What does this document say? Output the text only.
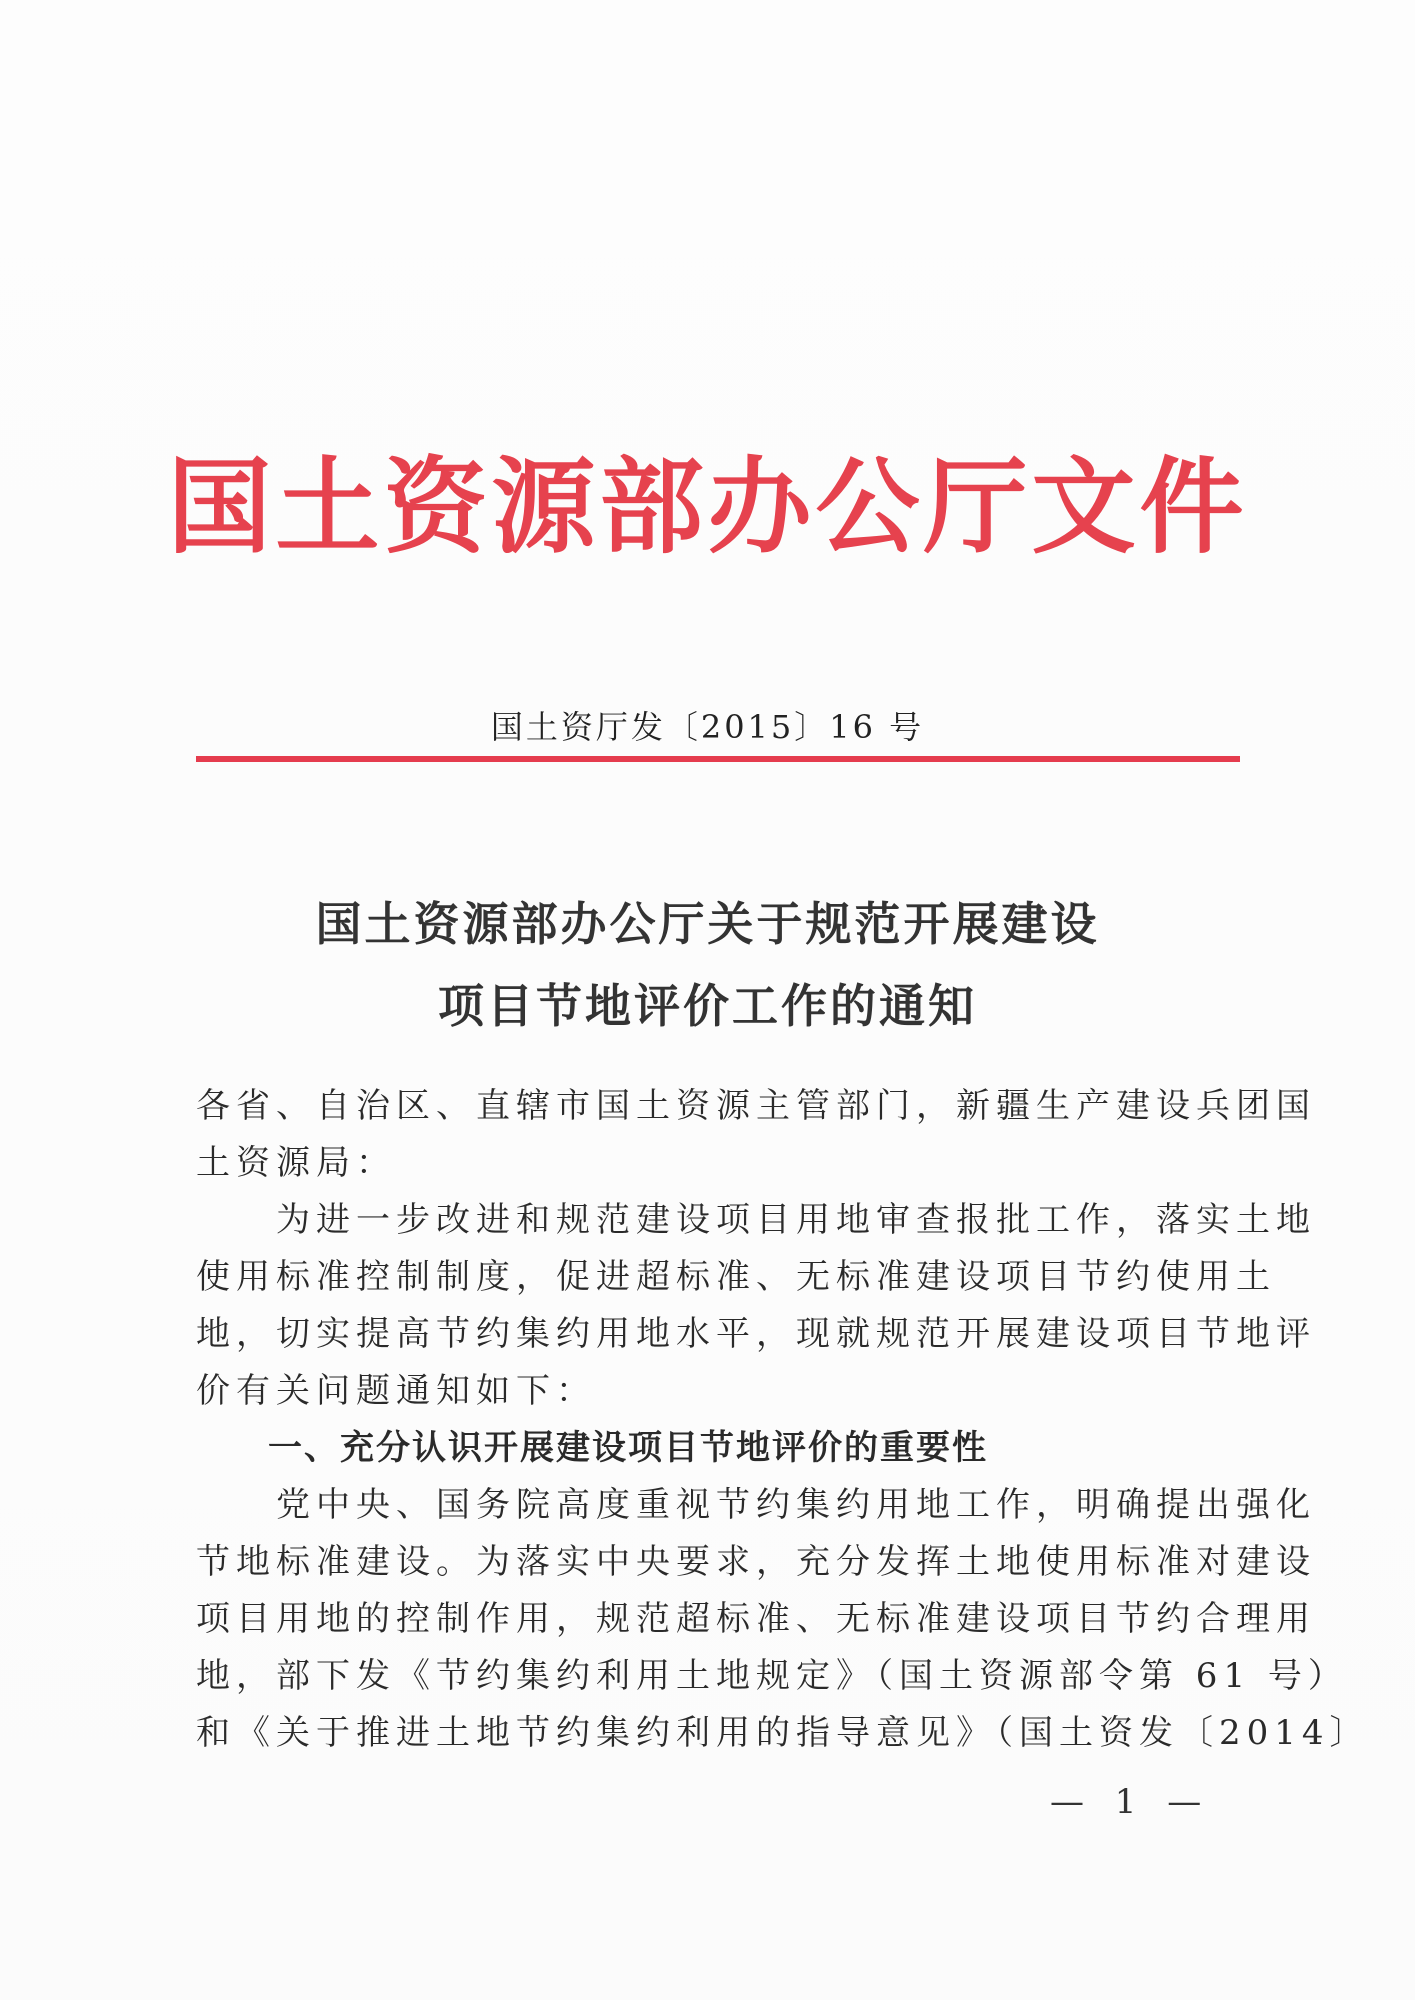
国土资源部办公厅文件
国土资厅发〔2015〕16 号
国土资源部办公厅关于规范开展建设
项目节地评价工作的通知
各省、自治区、直辖市国土资源主管部门，新疆生产建设兵团国
土资源局：
　　为进一步改进和规范建设项目用地审查报批工作，落实土地
使用标准控制制度，促进超标准、无标准建设项目节约使用土
地，切实提高节约集约用地水平，现就规范开展建设项目节地评
价有关问题通知如下：
　　一、充分认识开展建设项目节地评价的重要性
　　党中央、国务院高度重视节约集约用地工作，明确提出强化
节地标准建设。为落实中央要求，充分发挥土地使用标准对建设
项目用地的控制作用，规范超标准、无标准建设项目节约合理用
地，部下发《节约集约利用土地规定》（国土资源部令第 61 号）
和《关于推进土地节约集约利用的指导意见》（国土资发〔2014〕
— 1 —
